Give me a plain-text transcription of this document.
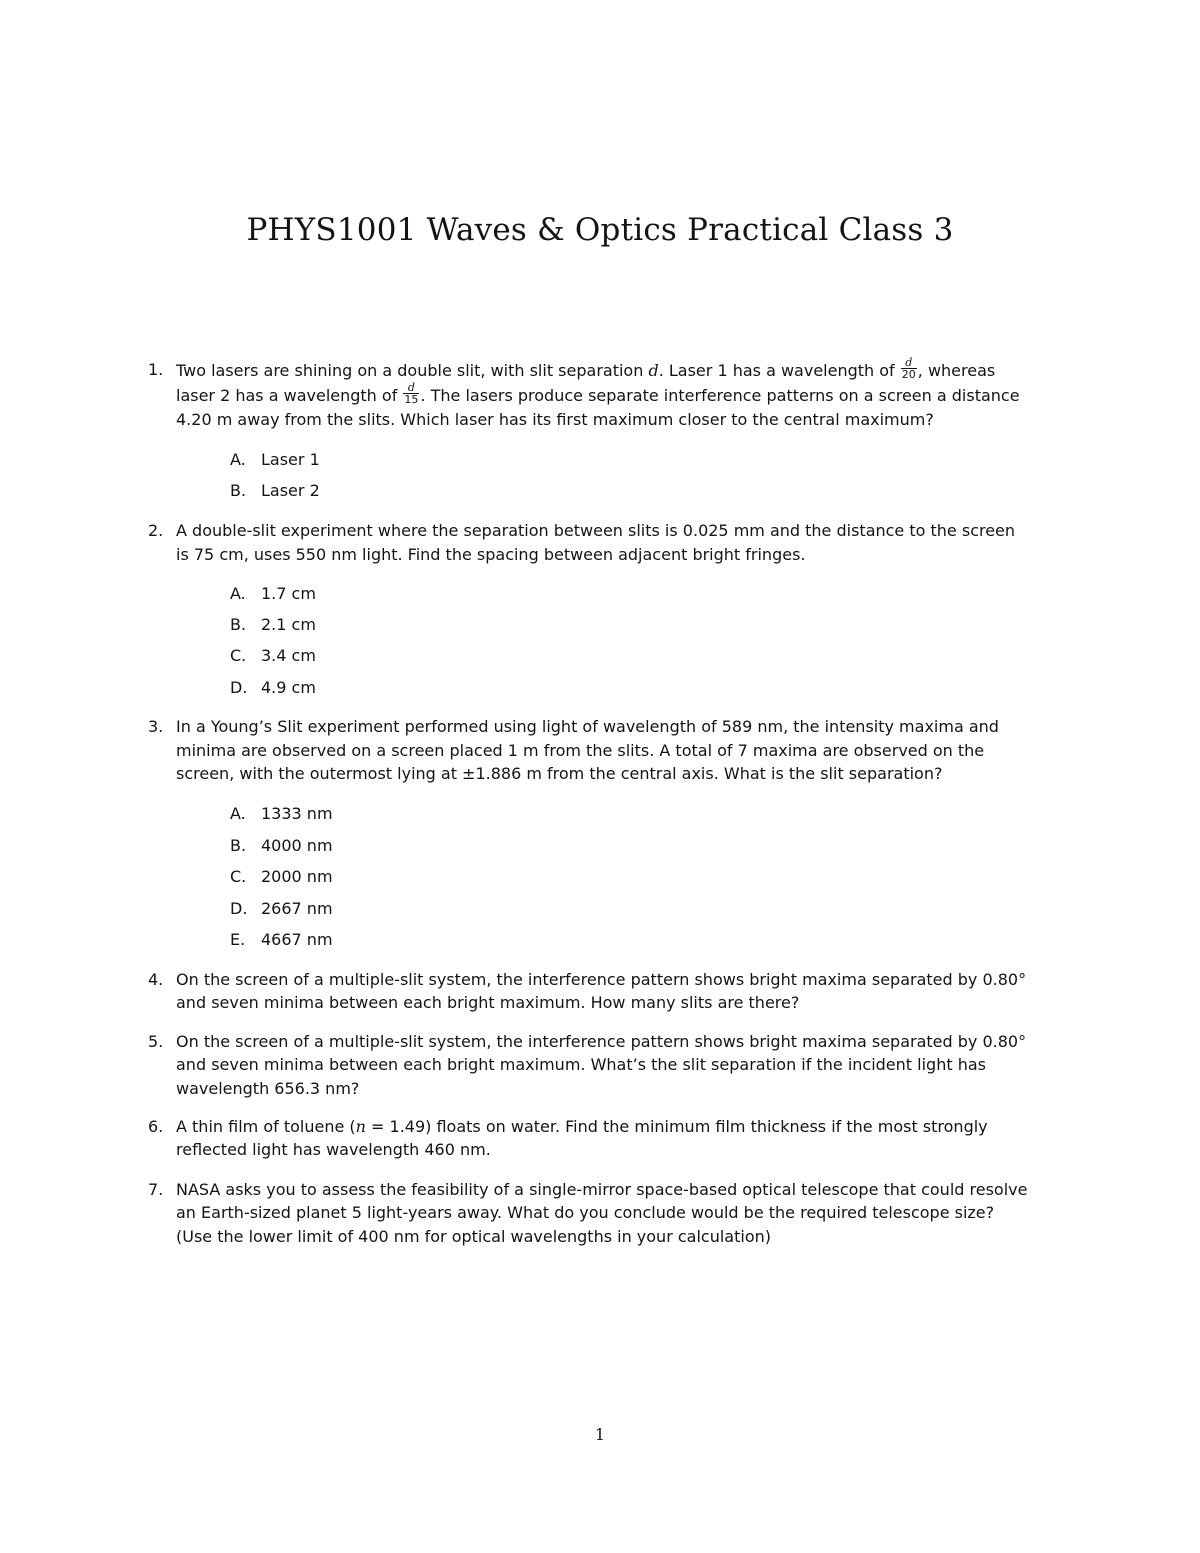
PHYS1001 Waves & Optics Practical Class 3
1. Two lasers are shining on a double slit, with slit separation d. Laser 1 has a wavelength of $\frac{d}{20}$ , whereas
laser 2 has a wavelength of $\frac{d}{15}$ . The lasers produce separate interference patterns on a screen a distance
4.20 m away from the slits. Which laser has its first maximum closer to the central maximum?
A. Laser 1
B. Laser 2
2. A double-slit experiment where the separation between slits is 0.025 mm and the distance to the screen
is 75 cm, uses 550 nm light. Find the spacing between adjacent bright fringes.
A. 1.7 cm
B. 2.1 cm
C. 3.4 cm
D. 4.9 cm
3. In a Young’s Slit experiment performed using light of wavelength of 589 nm, the intensity maxima and
minima are observed on a screen placed 1 m from the slits. A total of 7 maxima are observed on the
screen, with the outermost lying at ±1.886 m from the central axis. What is the slit separation?
A. 1333 nm
B. 4000 nm
C. 2000 nm
D. 2667 nm
E. 4667 nm
4. On the screen of a multiple-slit system, the interference pattern shows bright maxima separated by 0.80°
and seven minima between each bright maximum. How many slits are there?
5. On the screen of a multiple-slit system, the interference pattern shows bright maxima separated by 0.80°
and seven minima between each bright maximum. What’s the slit separation if the incident light has
wavelength 656.3 nm?
6. A thin film of toluene (n = 1.49) floats on water. Find the minimum film thickness if the most strongly
reflected light has wavelength 460 nm.
7. NASA asks you to assess the feasibility of a single-mirror space-based optical telescope that could resolve
an Earth-sized planet 5 light-years away. What do you conclude would be the required telescope size?
(Use the lower limit of 400 nm for optical wavelengths in your calculation)
1
